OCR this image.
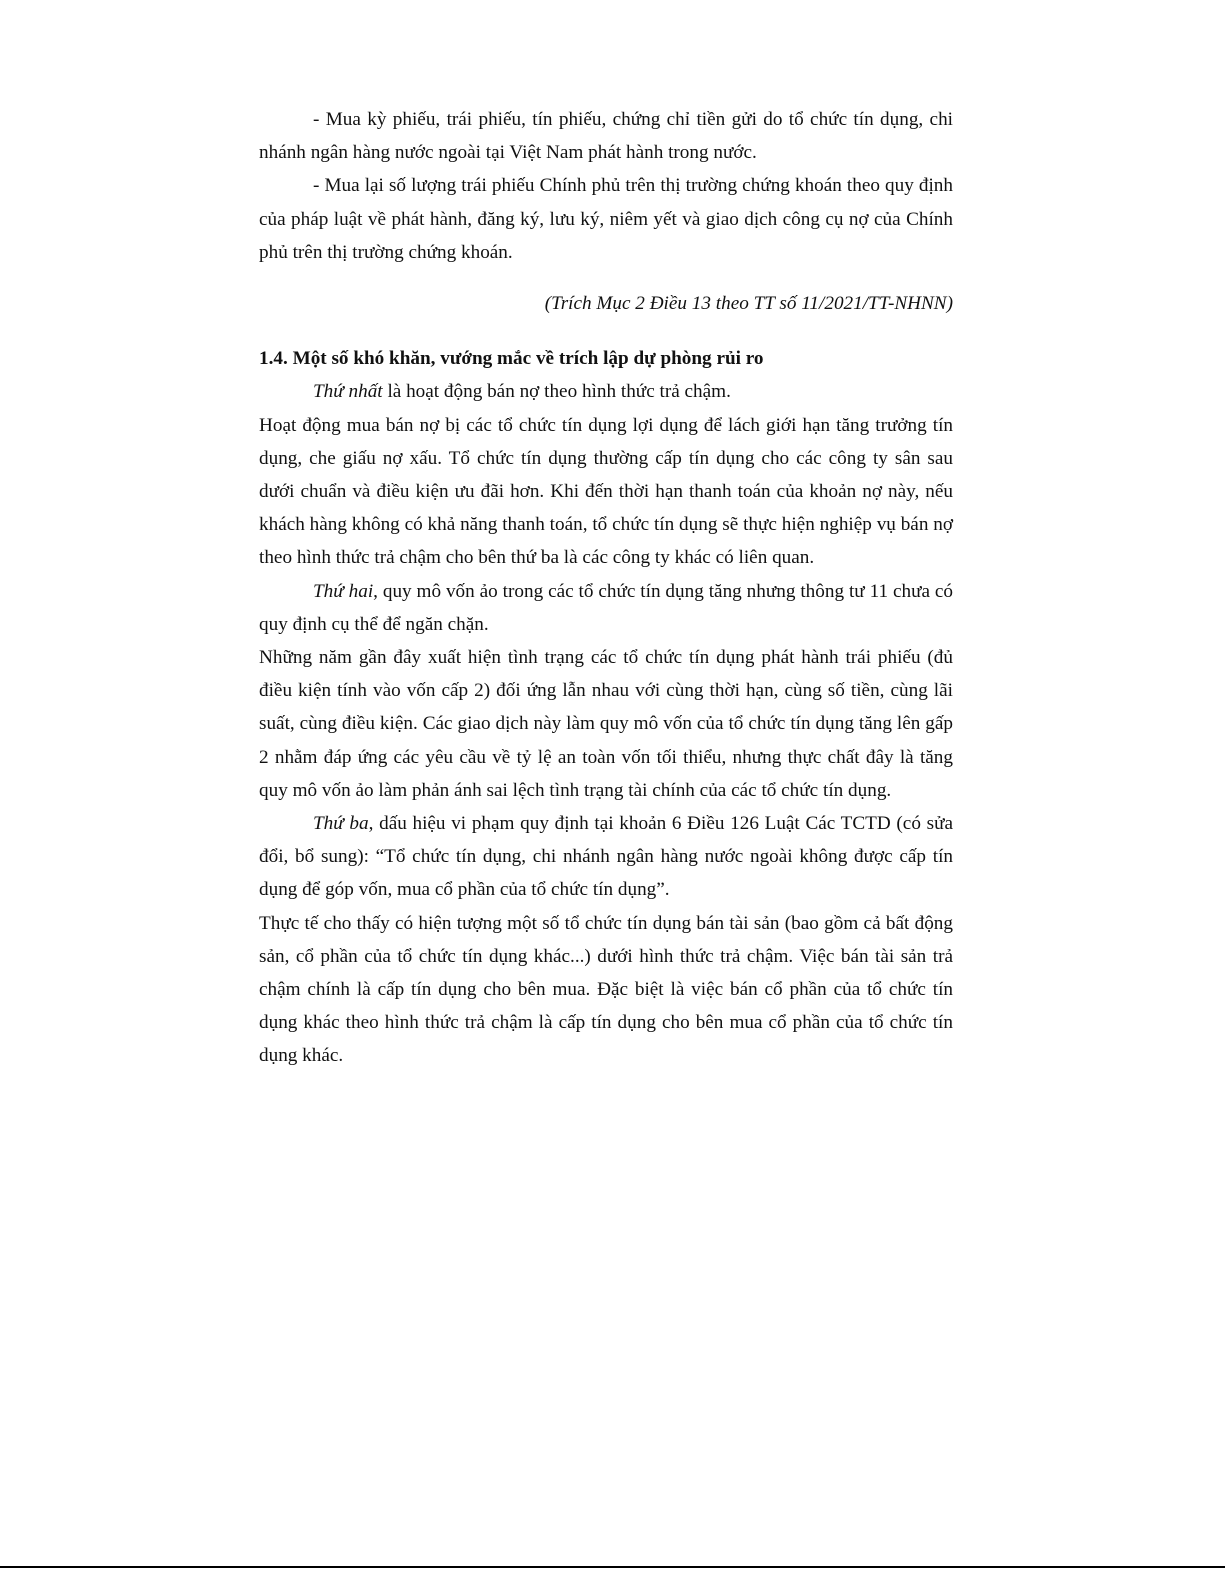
- Mua kỳ phiếu, trái phiếu, tín phiếu, chứng chỉ tiền gửi do tổ chức tín dụng, chi nhánh ngân hàng nước ngoài tại Việt Nam phát hành trong nước.

- Mua lại số lượng trái phiếu Chính phủ trên thị trường chứng khoán theo quy định của pháp luật về phát hành, đăng ký, lưu ký, niêm yết và giao dịch công cụ nợ của Chính phủ trên thị trường chứng khoán.

(Trích Mục 2 Điều 13 theo TT số 11/2021/TT-NHNN)

1.4. Một số khó khăn, vướng mắc về trích lập dự phòng rủi ro

Thứ nhất là hoạt động bán nợ theo hình thức trả chậm.

Hoạt động mua bán nợ bị các tổ chức tín dụng lợi dụng để lách giới hạn tăng trưởng tín dụng, che giấu nợ xấu. Tổ chức tín dụng thường cấp tín dụng cho các công ty sân sau dưới chuẩn và điều kiện ưu đãi hơn. Khi đến thời hạn thanh toán của khoản nợ này, nếu khách hàng không có khả năng thanh toán, tổ chức tín dụng sẽ thực hiện nghiệp vụ bán nợ theo hình thức trả chậm cho bên thứ ba là các công ty khác có liên quan.

Thứ hai, quy mô vốn ảo trong các tổ chức tín dụng tăng nhưng thông tư 11 chưa có quy định cụ thể để ngăn chặn.

Những năm gần đây xuất hiện tình trạng các tổ chức tín dụng phát hành trái phiếu (đủ điều kiện tính vào vốn cấp 2) đối ứng lẫn nhau với cùng thời hạn, cùng số tiền, cùng lãi suất, cùng điều kiện. Các giao dịch này làm quy mô vốn của tổ chức tín dụng tăng lên gấp 2 nhằm đáp ứng các yêu cầu về tỷ lệ an toàn vốn tối thiểu, nhưng thực chất đây là tăng quy mô vốn ảo làm phản ánh sai lệch tình trạng tài chính của các tổ chức tín dụng.

Thứ ba, dấu hiệu vi phạm quy định tại khoản 6 Điều 126 Luật Các TCTD (có sửa đổi, bổ sung): “Tổ chức tín dụng, chi nhánh ngân hàng nước ngoài không được cấp tín dụng để góp vốn, mua cổ phần của tổ chức tín dụng”.

Thực tế cho thấy có hiện tượng một số tổ chức tín dụng bán tài sản (bao gồm cả bất động sản, cổ phần của tổ chức tín dụng khác...) dưới hình thức trả chậm. Việc bán tài sản trả chậm chính là cấp tín dụng cho bên mua. Đặc biệt là việc bán cổ phần của tổ chức tín dụng khác theo hình thức trả chậm là cấp tín dụng cho bên mua cổ phần của tổ chức tín dụng khác.
